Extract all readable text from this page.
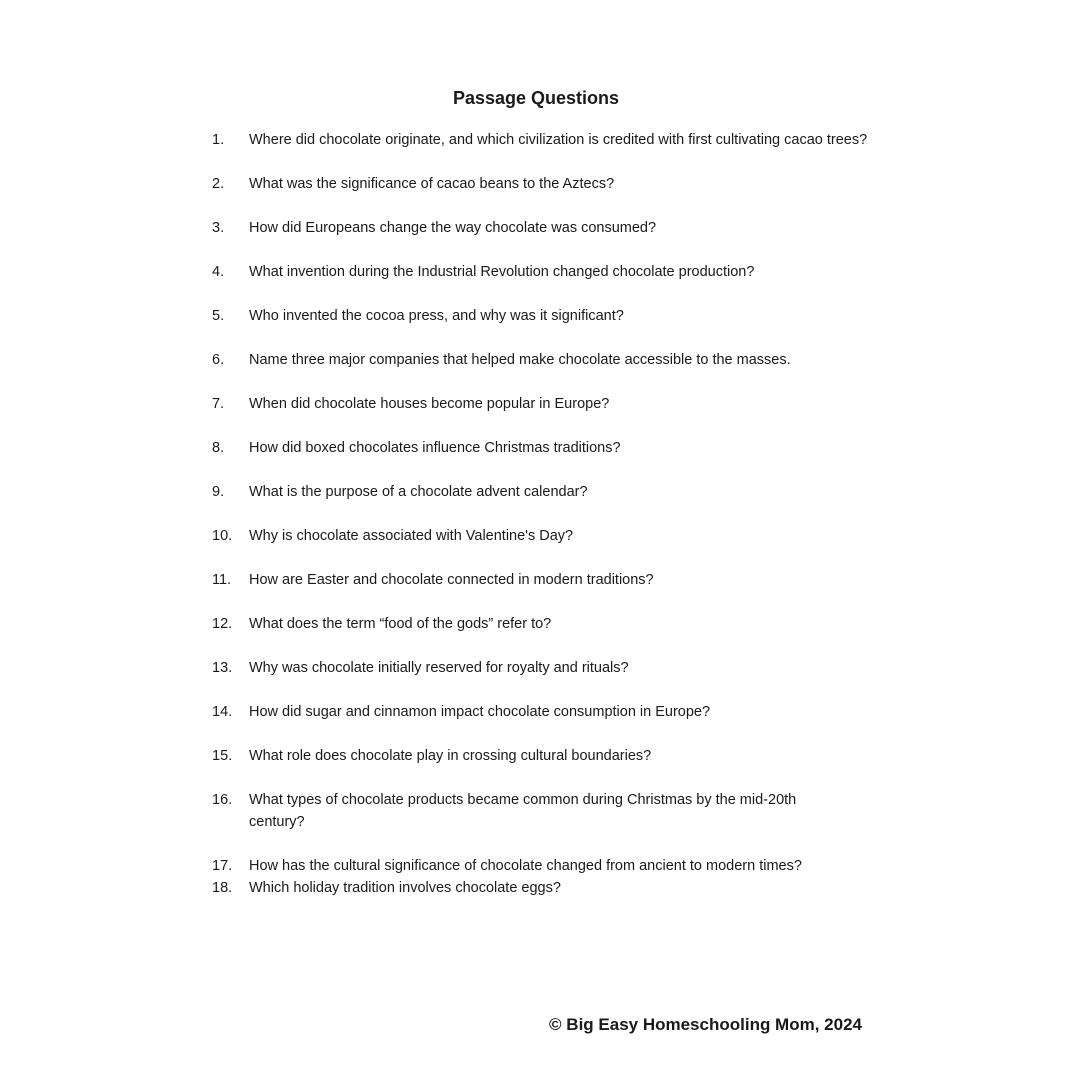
Passage Questions
1.	Where did chocolate originate, and which civilization is credited with first cultivating cacao trees?
2.	What was the significance of cacao beans to the Aztecs?
3.	How did Europeans change the way chocolate was consumed?
4.	What invention during the Industrial Revolution changed chocolate production?
5.	Who invented the cocoa press, and why was it significant?
6.	Name three major companies that helped make chocolate accessible to the masses.
7.	When did chocolate houses become popular in Europe?
8.	How did boxed chocolates influence Christmas traditions?
9.	What is the purpose of a chocolate advent calendar?
10.	Why is chocolate associated with Valentine's Day?
11.	How are Easter and chocolate connected in modern traditions?
12.	What does the term “food of the gods” refer to?
13.	Why was chocolate initially reserved for royalty and rituals?
14.	How did sugar and cinnamon impact chocolate consumption in Europe?
15.	What role does chocolate play in crossing cultural boundaries?
16.	What types of chocolate products became common during Christmas by the mid-20th century?
17.	How has the cultural significance of chocolate changed from ancient to modern times?
18.	Which holiday tradition involves chocolate eggs?
© Big Easy Homeschooling Mom, 2024
